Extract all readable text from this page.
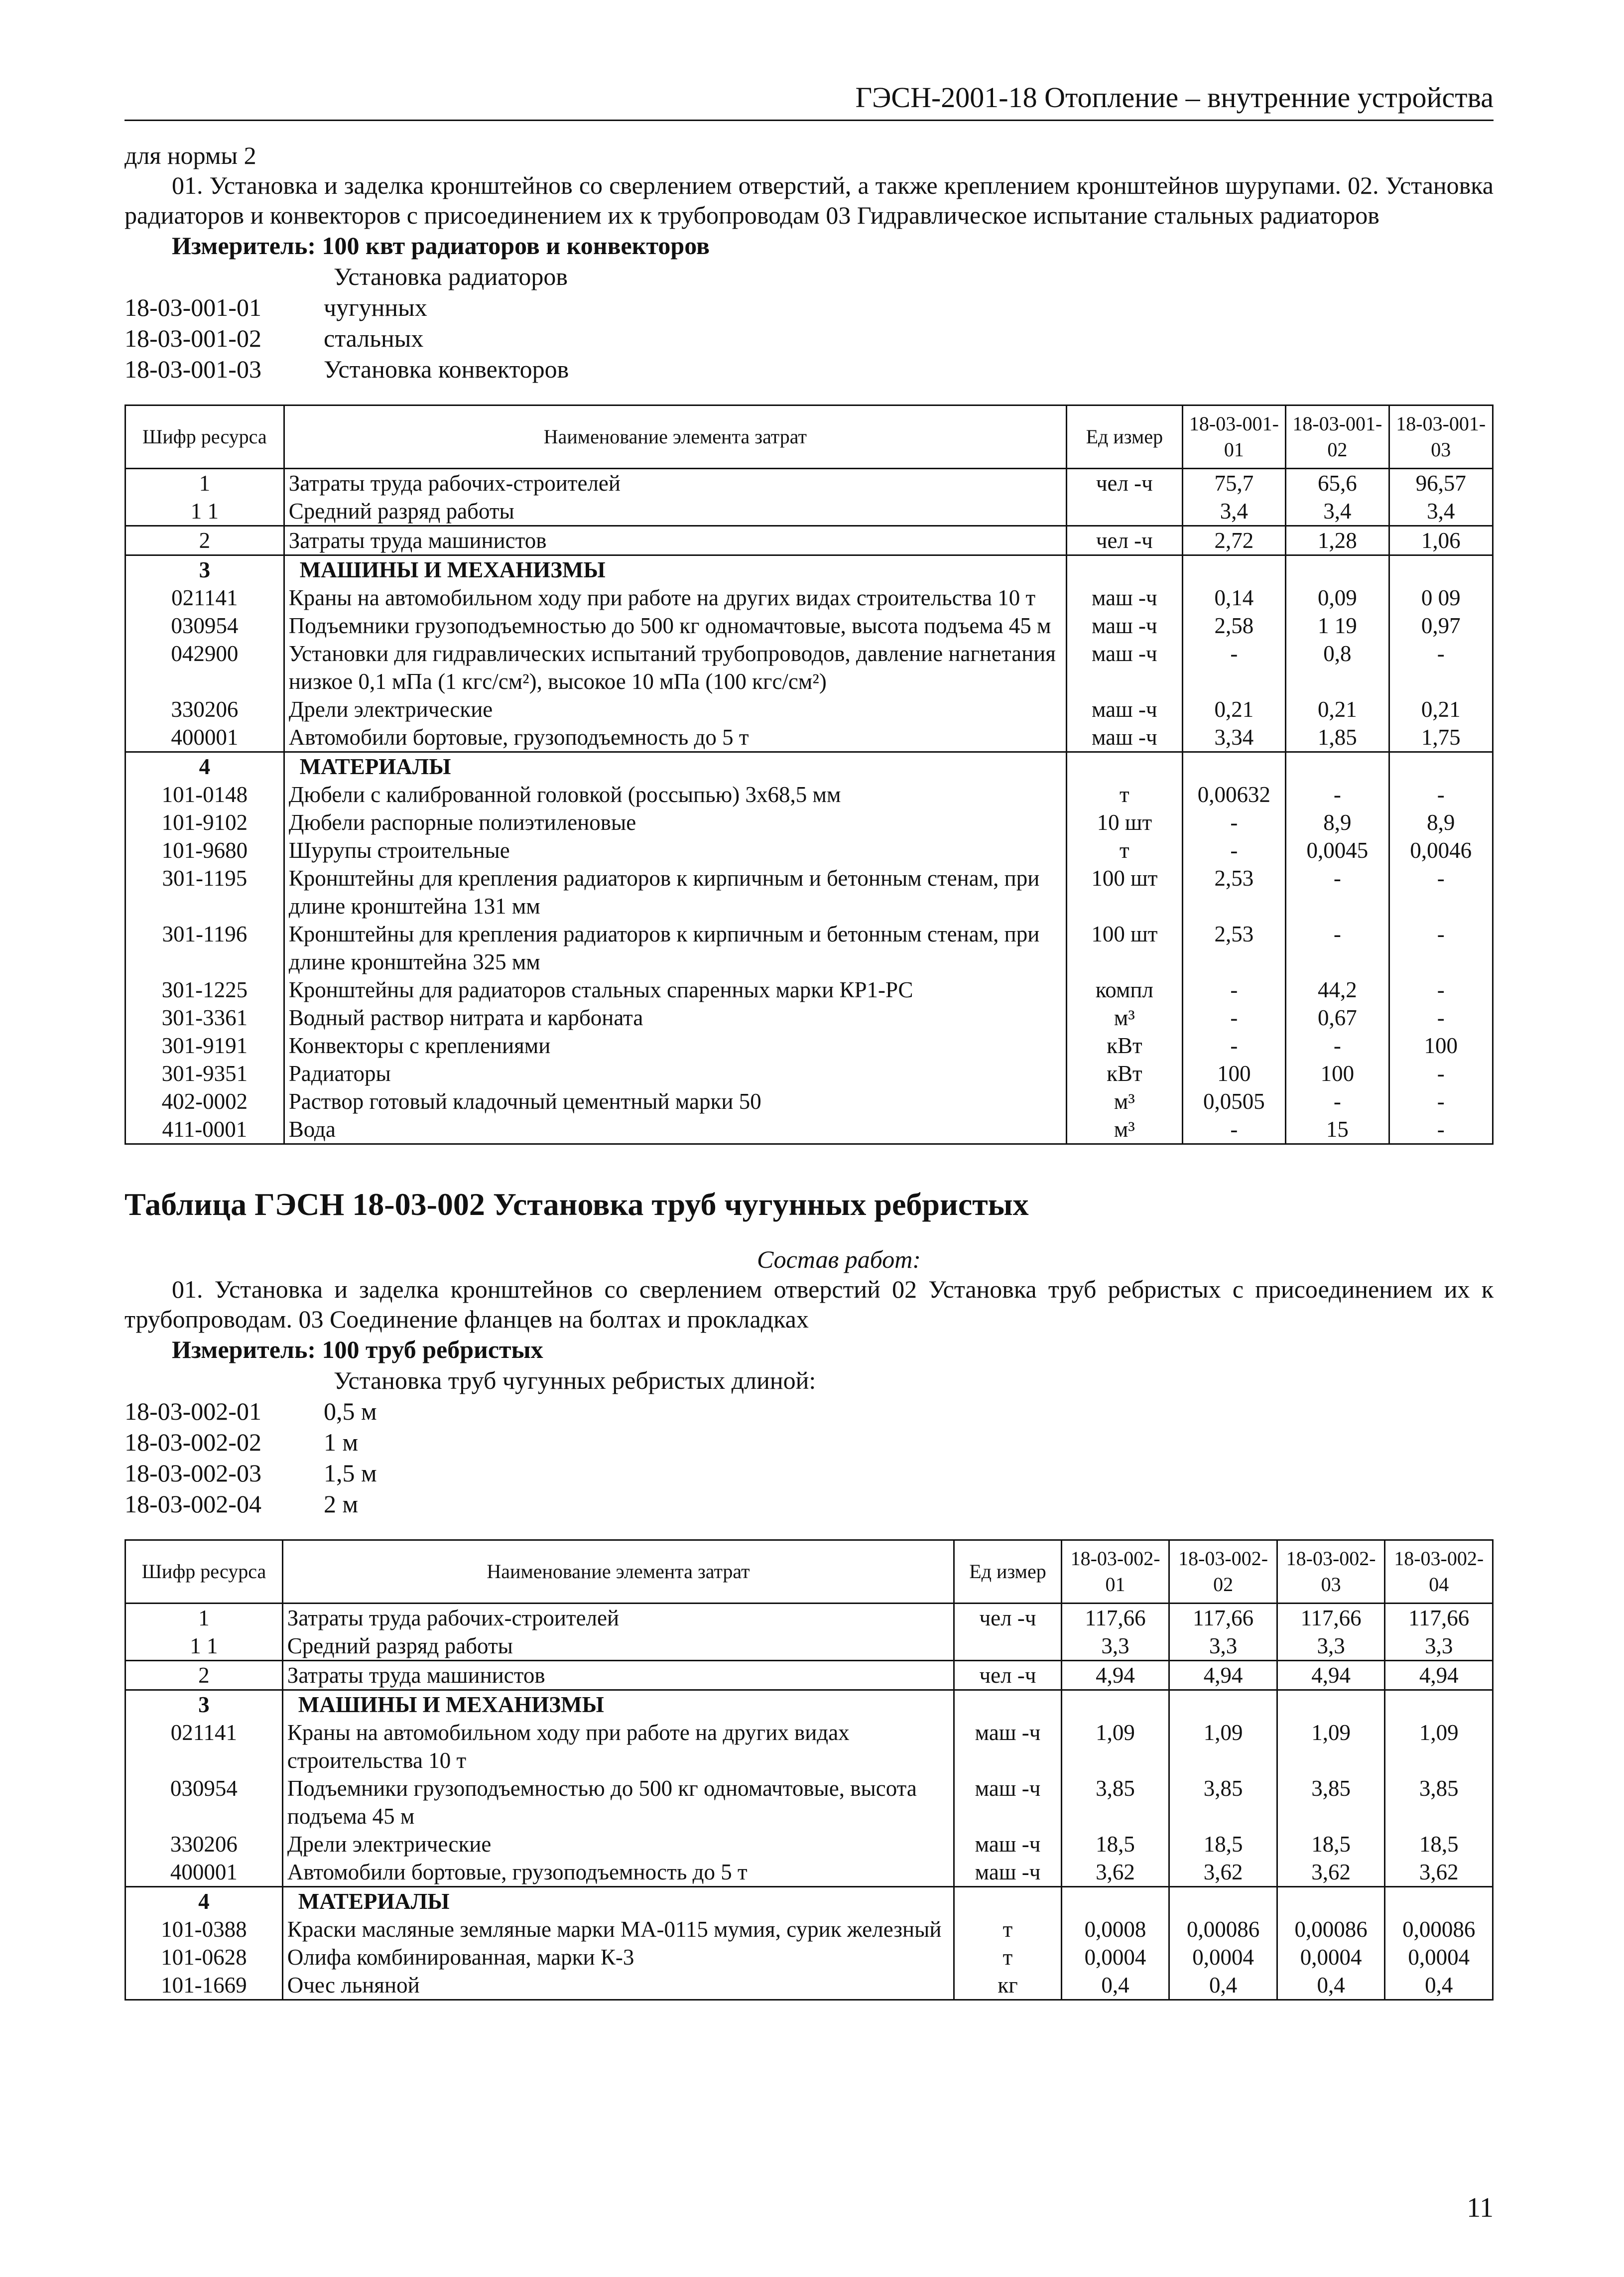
ГЭСН-2001-18 Отопление – внутренние устройства
для нормы 2
01. Установка и заделка кронштейнов со сверлением отверстий, а также креплением кронштейнов шурупами. 02. Установка радиаторов и конвекторов с присоединением их к трубопроводам 03 Гидравлическое испытание стальных радиаторов
Измеритель: 100 квт радиаторов и конвекторов
Установка радиаторов
18-03-001-01	чугунных
18-03-001-02	стальных
18-03-001-03	Установка конвекторов
Шифр ресурса	Наименование элемента затрат	Ед измер	18-03-001-01	18-03-001-02	18-03-001-03
1	Затраты труда рабочих-строителей	чел -ч	75,7	65,6	96,57
1 1	Средний разряд работы		3,4	3,4	3,4
2	Затраты труда машинистов	чел -ч	2,72	1,28	1,06
3	МАШИНЫ И МЕХАНИЗМЫ				
021141	Краны на автомобильном ходу при работе на других видах строительства 10 т	маш -ч	0,14	0,09	0 09
030954	Подъемники грузоподъемностью до 500 кг одномачтовые, высота подъема 45 м	маш -ч	2,58	1 19	0,97
042900	Установки для гидравлических испытаний трубопроводов, давление нагнетания низкое 0,1 мПа (1 кгс/см²), высокое 10 мПа (100 кгс/см²)	маш -ч	-	0,8	-
330206	Дрели электрические	маш -ч	0,21	0,21	0,21
400001	Автомобили бортовые, грузоподъемность до 5 т	маш -ч	3,34	1,85	1,75
4	МАТЕРИАЛЫ				
101-0148	Дюбели с калиброванной головкой (россыпью) 3х68,5 мм	т	0,00632	-	-
101-9102	Дюбели распорные полиэтиленовые	10 шт	-	8,9	8,9
101-9680	Шурупы строительные	т	-	0,0045	0,0046
301-1195	Кронштейны для крепления радиаторов к кирпичным и бетонным стенам, при длине кронштейна 131 мм	100 шт	2,53	-	-
301-1196	Кронштейны для крепления радиаторов к кирпичным и бетонным стенам, при длине кронштейна 325 мм	100 шт	2,53	-	-
301-1225	Кронштейны для радиаторов стальных спаренных марки КР1-РС	компл	-	44,2	-
301-3361	Водный раствор нитрата и карбоната	м³	-	0,67	-
301-9191	Конвекторы с креплениями	кВт	-	-	100
301-9351	Радиаторы	кВт	100	100	-
402-0002	Раствор готовый кладочный цементный марки 50	м³	0,0505	-	-
411-0001	Вода	м³	-	15	-
Таблица ГЭСН 18-03-002 Установка труб чугунных ребристых
Состав работ:
01. Установка и заделка кронштейнов со сверлением отверстий 02 Установка труб ребристых с присоединением их к трубопроводам. 03 Соединение фланцев на болтах и прокладках
Измеритель: 100 труб ребристых
Установка труб чугунных ребристых длиной:
18-03-002-01	0,5 м
18-03-002-02	1 м
18-03-002-03	1,5 м
18-03-002-04	2 м
Шифр ресурса	Наименование элемента затрат	Ед измер	18-03-002-01	18-03-002-02	18-03-002-03	18-03-002-04
1	Затраты труда рабочих-строителей	чел -ч	117,66	117,66	117,66	117,66
1 1	Средний разряд работы		3,3	3,3	3,3	3,3
2	Затраты труда машинистов	чел -ч	4,94	4,94	4,94	4,94
3	МАШИНЫ И МЕХАНИЗМЫ					
021141	Краны на автомобильном ходу при работе на других видах строительства 10 т	маш -ч	1,09	1,09	1,09	1,09
030954	Подъемники грузоподъемностью до 500 кг одномачтовые, высота подъема 45 м	маш -ч	3,85	3,85	3,85	3,85
330206	Дрели электрические	маш -ч	18,5	18,5	18,5	18,5
400001	Автомобили бортовые, грузоподъемность до 5 т	маш -ч	3,62	3,62	3,62	3,62
4	МАТЕРИАЛЫ					
101-0388	Краски масляные земляные марки МА-0115 мумия, сурик железный	т	0,0008	0,00086	0,00086	0,00086
101-0628	Олифа комбинированная, марки К-3	т	0,0004	0,0004	0,0004	0,0004
101-1669	Очес льняной	кг	0,4	0,4	0,4	0,4
11
